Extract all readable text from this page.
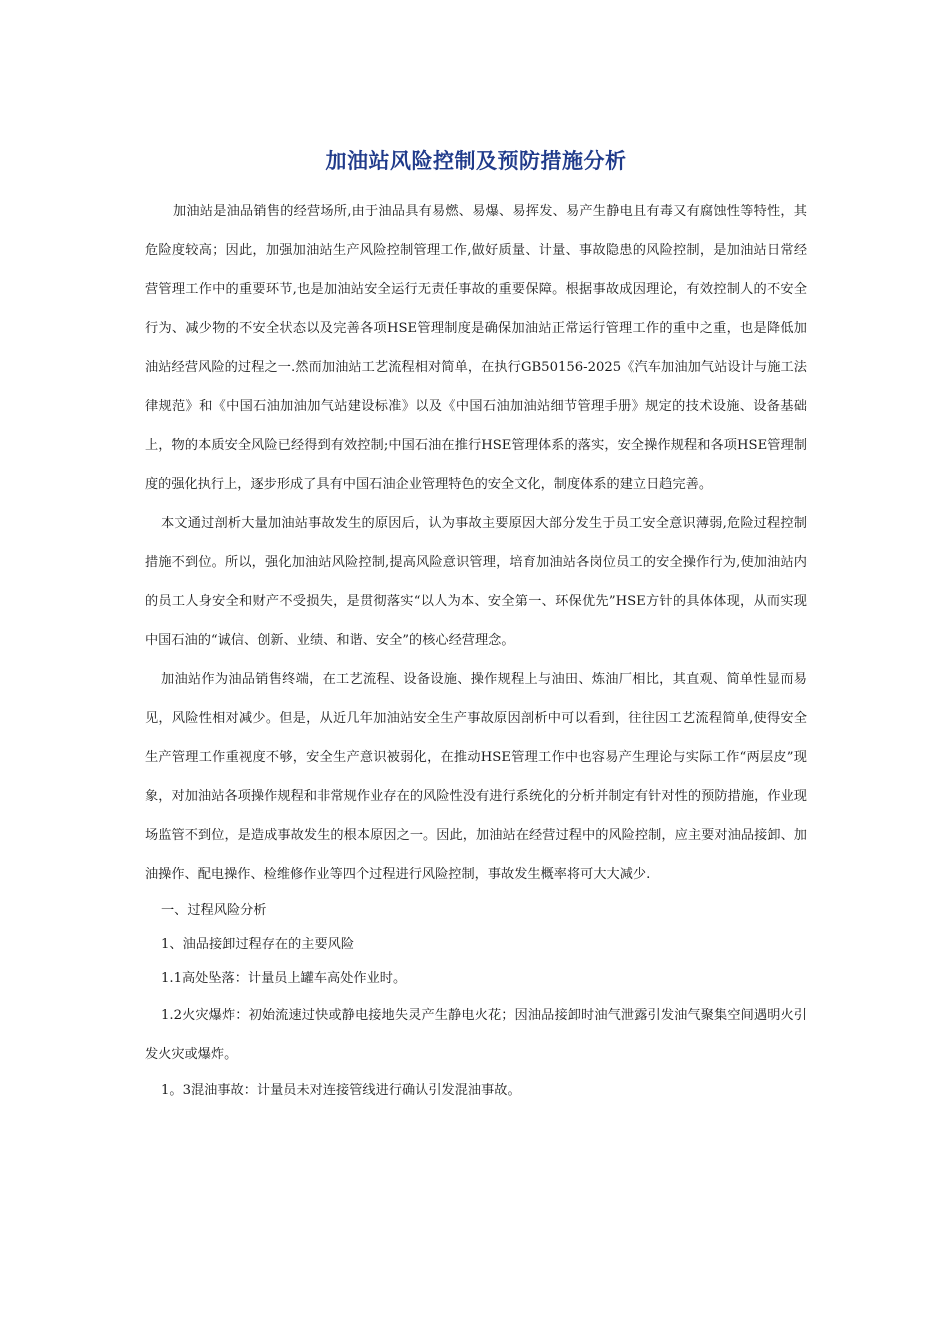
加油站风险控制及预防措施分析

加油站是油品销售的经营场所,由于油品具有易燃、易爆、易挥发、易产生静电且有毒又有腐蚀性等特性，其危险度较高；因此，加强加油站生产风险控制管理工作,做好质量、计量、事故隐患的风险控制，是加油站日常经营管理工作中的重要环节,也是加油站安全运行无责任事故的重要保障。根据事故成因理论，有效控制人的不安全行为、减少物的不安全状态以及完善各项HSE管理制度是确保加油站正常运行管理工作的重中之重，也是降低加油站经营风险的过程之一.然而加油站工艺流程相对简单，在执行GB50156-2025《汽车加油加气站设计与施工法律规范》和《中国石油加油加气站建设标准》以及《中国石油加油站细节管理手册》规定的技术设施、设备基础上，物的本质安全风险已经得到有效控制;中国石油在推行HSE管理体系的落实，安全操作规程和各项HSE管理制度的强化执行上，逐步形成了具有中国石油企业管理特色的安全文化，制度体系的建立日趋完善。

本文通过剖析大量加油站事故发生的原因后，认为事故主要原因大部分发生于员工安全意识薄弱,危险过程控制措施不到位。所以，强化加油站风险控制,提高风险意识管理，培育加油站各岗位员工的安全操作行为,使加油站内的员工人身安全和财产不受损失，是贯彻落实“以人为本、安全第一、环保优先”HSE方针的具体体现，从而实现中国石油的“诚信、创新、业绩、和谐、安全”的核心经营理念。

加油站作为油品销售终端，在工艺流程、设备设施、操作规程上与油田、炼油厂相比，其直观、简单性显而易见，风险性相对减少。但是，从近几年加油站安全生产事故原因剖析中可以看到，往往因工艺流程简单,使得安全生产管理工作重视度不够，安全生产意识被弱化，在推动HSE管理工作中也容易产生理论与实际工作“两层皮”现象，对加油站各项操作规程和非常规作业存在的风险性没有进行系统化的分析并制定有针对性的预防措施，作业现场监管不到位，是造成事故发生的根本原因之一。因此，加油站在经营过程中的风险控制，应主要对油品接卸、加油操作、配电操作、检维修作业等四个过程进行风险控制，事故发生概率将可大大减少.

一、过程风险分析

1、油品接卸过程存在的主要风险

1.1高处坠落：计量员上罐车高处作业时。

1.2火灾爆炸：初始流速过快或静电接地失灵产生静电火花；因油品接卸时油气泄露引发油气聚集空间遇明火引发火灾或爆炸。

1。3混油事故：计量员未对连接管线进行确认引发混油事故。
